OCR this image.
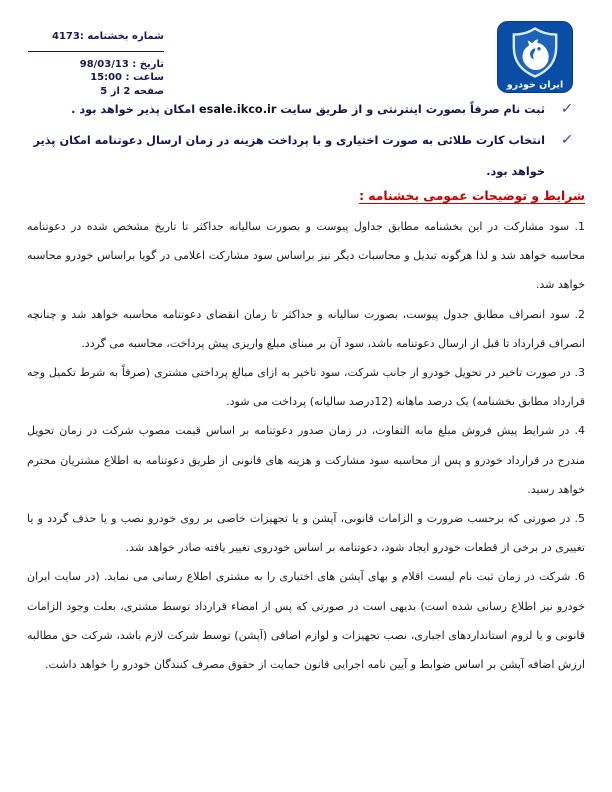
شماره بخشنامه :4173
تاریخ : 98/03/13
ساعت : 15:00
صفحه 2 از 5
ایران خودرو
✓
ثبت نام صرفاً بصورت اینترنتی و از طریق سایت esale.ikco.ir امکان پذیر خواهد بود .
✓
انتخاب کارت طلائی به صورت اختیاری و با پرداخت هزینه در زمان ارسال دعوتنامه امکان پذیر خواهد بود.
شرایط و توضیحات عمومی بخشنامه :

1. سود مشارکت در این بخشنامه مطابق جداول پیوست و بصورت سالیانه حداکثر تا تاریخ مشخص شده در دعوتنامه محاسبه خواهد شد و لذا هرگونه تبدیل و محاسبات دیگر نیز براساس سود مشارکت اعلامی در گویا براساس خودرو محاسبه خواهد شد.

2. سود انصراف مطابق جدول پیوست، بصورت سالیانه و حداکثر تا زمان انقضای دعوتنامه محاسبه خواهد شد و چنانچه انصراف قرارداد تا قبل از ارسال دعوتنامه باشد، سود آن بر مبنای مبلغ واریزی پیش پرداخت، محاسبه می گردد.

3. در صورت تاخیر در تحویل خودرو از جانب شرکت، سود تاخیر به ازای مبالغ پرداختی مشتری (صرفاً به شرط تکمیل وجه قرارداد مطابق بخشنامه) یک درصد ماهانه (12درصد سالیانه) پرداخت می شود.

4. در شرایط پیش فروش مبلغ مابه التفاوت، در زمان صدور دعوتنامه بر اساس قیمت مصوب شرکت در زمان تحویل مندرج در قرارداد خودرو و پس از محاسبه سود مشارکت و هزینه های قانونی از طریق دعوتنامه به اطلاع مشتریان محترم خواهد رسید.

5. در صورتی که برحسب ضرورت و الزامات قانونی، آپشن و یا تجهیزات خاصی بر روی خودرو نصب و یا حذف گردد و یا تغییری در برخی از قطعات خودرو ایجاد شود، دعوتنامه بر اساس خودروی تغییر یافته صادر خواهد شد.

6. شرکت در زمان ثبت نام لیست اقلام و بهای آپشن های اختیاری را به مشتری اطلاع رسانی می نماید. (در سایت ایران خودرو نیز اطلاع رسانی شده است) بدیهی است در صورتی که پس از امضاء قرارداد توسط مشتری، بعلت وجود الزامات قانونی و یا لزوم استانداردهای اجباری، نصب تجهیزات و لوازم اضافی (آپشن) توسط شرکت لازم باشد، شرکت حق مطالبه ارزش اضافه آپشن بر اساس ضوابط و آیین نامه اجرایی قانون حمایت از حقوق مصرف کنندگان خودرو را خواهد داشت.
